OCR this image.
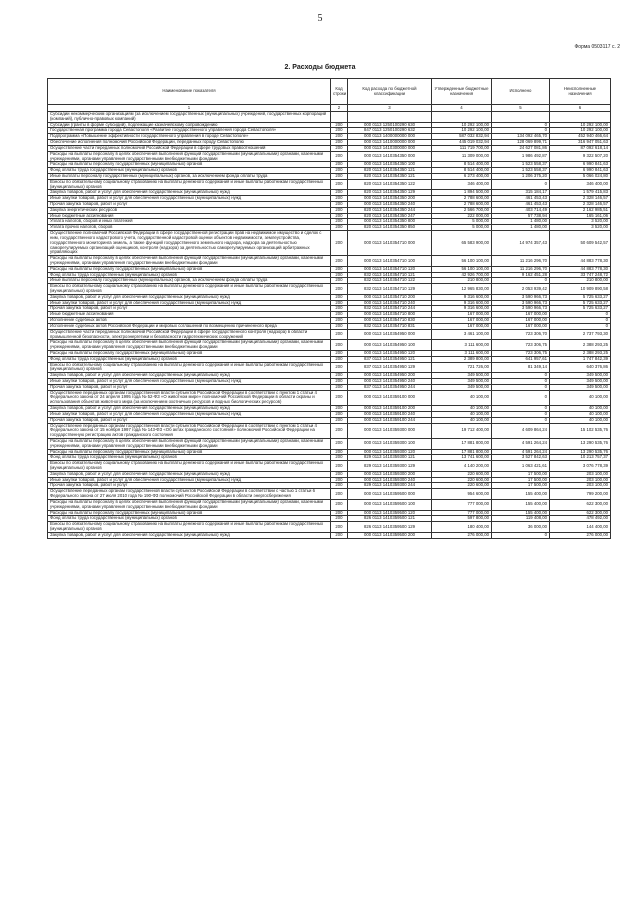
5
Форма 0503117 с. 2
2. Расходы бюджета
Наименование показателя	Код строки	Код расхода по бюджетной классификации	Утвержденные бюджетные назначения	Исполнено	Неисполненные назначения
1	2	3	4	5	6
Субсидии некоммерческим организациям (за исключением государственных (муниципальных) учреждений, государственных корпораций (компаний), публично-правовых компаний)					
Субсидии (гранты в форме субсидий), подлежащие казначейскому сопровождению	200	000 0113 1250100290 630	10 292 100,00	0	10 292 100,00
Государственная программа города Севастополя «Развитие государственного управления города Севастополя»	200	847 0113 1250100290 632	10 292 100,00	0	10 292 100,00
Подпрограмма «Повышение эффективности государственного управления в городе Севастополе»	200	000 0113 1400000000 000	587 032 832,94	134 092 465,70	452 940 466,64
Обеспечение исполнения полномочий Российской Федерации, переданных городу Севастополю	200	000 0113 1410000000 000	445 019 032,94	128 069 899,71	316 947 051,63
Осуществление части переданных полномочий Российской Федерации в сфере трудовых правоотношений	200	000 0113 1410300000 000	111 719 700,00	24 627 081,86	87 092 618,14
Расходы на выплаты персоналу в целях обеспечения выполнения функций государственными (муниципальными) органами, казенными учреждениями, органами управления государственными внебюджетными фондами	200	000 0113 1410354350 000	11 309 000,00	1 986 492,87	9 322 507,20
Расходы на выплаты персоналу государственных (муниципальных) органов	200	000 0113 1410354350 100	8 514 400,00	1 523 558,37	6 990 841,63
Фонд оплаты труда государственных (муниципальных) органов	200	820 0113 1410354350 121	8 514 400,00	1 523 558,37	6 990 841,63
Иные выплаты персоналу государственных (муниципальных) органов, за исключением фонда оплаты труда	200	820 0113 1410354350 121	6 273 400,00	1 206 375,20	5 066 024,80
Взносы по обязательному социальному страхованию на выплаты денежного содержания и иные выплаты работникам государственных (муниципальных) органов	200	820 0113 1410354350 122	346 400,00	0	346 400,00
Закупка товаров, работ и услуг для обеспечения государственных (муниципальных) нужд	200	820 0113 1410354350 129	1 894 500,00	315 184,17	1 579 415,83
Иные закупки товаров, работ и услуг для обеспечения государственных (муниципальных) нужд	200	000 0113 1410354350 200	2 788 600,00	461 453,43	2 328 146,57
Прочая закупка товаров, работ и услуг	200	000 0113 1410354350 240	2 788 600,00	461 453,43	2 328 146,57
Закупка энергетических ресурсов	200	820 0113 1410354350 244	2 566 700,00	403 714,49	2 162 985,51
Иные бюджетные ассигнования	200	820 0113 1410354350 247	222 000,00	57 738,94	165 161,06
Уплата налогов, сборов и иных платежей	200	000 0113 1410354350 800	5 000,00	1 480,00	3 520,00
Уплата прочих налогов, сборов	200	820 0113 1410354350 850	5 000,00	1 480,00	3 520,00
Осуществление полномочий Российской Федерации в сфере государственной регистрации прав на недвижимое имущество и сделок с ним, государственного кадастрового учета, государственной кадастровой оценки объектов недвижимости, землеустройства, государственного мониторинга земель, а также функций государственного земельного надзора, надзора за деятельностью саморегулируемых организаций оценщиков, контроля (надзора) за деятельностью саморегулируемых организаций арбитражных управляющих	200	000 0113 1410354710 000	65 583 900,00	14 974 357,43	50 609 542,57
Расходы на выплаты персоналу в целях обеспечения выполнения функций государственными (муниципальными) органами, казенными учреждениями, органами управления государственными внебюджетными фондами	200	000 0113 1410354710 100	56 100 100,00	11 216 296,70	44 883 778,30
Расходы на выплаты персоналу государственных (муниципальных) органов	200	000 0113 1410354710 120	56 100 100,00	11 216 296,70	44 883 778,30
Фонд оплаты труда государственных (муниципальных) органов	200	832 0113 1410354710 121	42 926 700,00	9 162 451,28	33 747 248,72
Иные выплаты персоналу государственных (муниципальных) органов, за исключением фонда оплаты труда	200	832 0113 1410354710 122	210 800,00	0	210 800,00
Взносы по обязательному социальному страхованию на выплаты денежного содержания и иные выплаты работникам государственных (муниципальных) органов	200	832 0113 1410354710 129	12 965 830,00	2 053 939,42	10 909 890,58
Закупка товаров, работ и услуг для обеспечения государственных (муниципальных) нужд	200	000 0113 1410354710 200	9 316 600,00	3 590 966,73	5 725 633,27
Иные закупки товаров, работ и услуг для обеспечения государственных (муниципальных) нужд	200	000 0113 1410354710 240	9 316 600,00	3 590 966,73	5 725 633,27
Прочая закупка товаров, работ и услуг	200	832 0113 1410354710 244	9 316 600,00	3 590 966,73	5 725 633,27
Иные бюджетные ассигнования	200	000 0113 1410354710 800	167 000,00	167 000,00	0
Исполнение судебных актов	200	000 0113 1410354710 830	167 000,00	167 000,00	0
Исполнение судебных актов Российской Федерации и мировых соглашений по возмещению причиненного вреда	200	832 0113 1410354710 831	167 000,00	167 000,00	0
Осуществление части переданных полномочий Российской Федерации в сфере государственного контроля (надзора) в области промышленной безопасности, электроэнергетики и безопасности гидротехнических сооружений	200	000 0113 1410354950 000	3 461 100,00	723 306,70	2 737 793,30
Расходы на выплаты персоналу в целях обеспечения выполнения функций государственными (муниципальными) органами, казенными учреждениями, органами управления государственными внебюджетными фондами	200	000 0113 1410354950 100	3 111 600,00	723 306,75	2 388 293,25
Расходы на выплаты персоналу государственных (муниципальных) органов	200	000 0113 1410354950 120	3 111 600,00	723 306,75	2 388 293,25
Фонд оплаты труда государственных (муниципальных) органов	200	837 0113 1410354950 121	2 389 800,00	641 957,61	1 747 842,39
Взносы по обязательному социальному страхованию на выплаты денежного содержания и иные выплаты работникам государственных (муниципальных) органов	200	837 0113 1410354950 129	721 726,00	81 349,14	640 376,86
Закупка товаров, работ и услуг для обеспечения государственных (муниципальных) нужд	200	000 0113 1410354950 200	349 500,00	0	349 500,00
Иные закупки товаров, работ и услуг для обеспечения государственных (муниципальных) нужд	200	000 0113 1410354950 240	349 500,00	0	349 500,00
Прочая закупка товаров, работ и услуг	200	837 0113 1410354950 244	349 500,00	0	349 500,00
Осуществление переданных органам государственной власти субъектов Российской Федерации в соответствии с пунктом 1 статьи 4 Федерального закона от 24 апреля 1995 года № 52-ФЗ «О животном мире» полномочий Российской Федерации в области охраны и использования объектов животного мира (за исключением охотничьих ресурсов и водных биологических ресурсов)	200	000 0113 1410359100 000	40 100,00	0	40 100,00
Закупка товаров, работ и услуг для обеспечения государственных (муниципальных) нужд	200	000 0113 1410359100 200	40 100,00	0	40 100,00
Иные закупки товаров, работ и услуг для обеспечения государственных (муниципальных) нужд	200	000 0113 1410359100 240	40 100,00	0	40 100,00
Прочая закупка товаров, работ и услуг	200	000 0113 1410359100 244	40 100,00	0	40 100,00
Осуществление переданных органам государственной власти субъектов Российской Федерации в соответствии с пунктом 1 статьи 4 Федерального закона от 15 ноября 1997 года № 143-ФЗ «Об актах гражданского состояния» полномочий Российской Федерации на государственную регистрацию актов гражданского состояния	200	000 0113 1410359300 000	19 712 400,00	4 609 864,24	15 102 535,76
Расходы на выплаты персоналу в целях обеспечения выполнения функций государственными (муниципальными) органами, казенными учреждениями, органами управления государственными внебюджетными фондами	200	000 0113 1410359300 100	17 881 800,00	4 591 264,24	13 290 535,76
Расходы на выплаты персоналу государственных (муниципальных) органов	200	000 0113 1410359300 120	17 881 800,00	4 591 264,24	13 290 535,76
Фонд оплаты труда государственных (муниципальных) органов	200	829 0113 1410359300 121	13 741 600,00	3 527 842,63	10 213 757,37
Взносы по обязательному социальному страхованию на выплаты денежного содержания и иные выплаты работникам государственных (муниципальных) органов	200	829 0113 1410359300 129	4 140 200,00	1 063 421,61	3 076 778,39
Закупка товаров, работ и услуг для обеспечения государственных (муниципальных) нужд	200	000 0113 1410359300 200	220 600,00	17 500,00	203 100,00
Иные закупки товаров, работ и услуг для обеспечения государственных (муниципальных) нужд	200	000 0113 1410359300 240	220 600,00	17 500,00	203 100,00
Прочая закупка товаров, работ и услуг	200	829 0113 1410359300 244	220 600,00	17 500,00	203 100,00
Осуществление переданных органам государственной власти субъектов Российской Федерации в соответствии с частью 1 статьи 6 Федерального закона от 27 июля 2010 года № 190-ФЗ полномочий Российской Федерации в области энергосбережения	200	000 0113 1410359500 000	954 600,00	155 400,00	799 200,00
Расходы на выплаты персоналу в целях обеспечения выполнения функций государственными (муниципальными) органами, казенными учреждениями, органами управления государственными внебюджетными фондами	200	000 0113 1410359500 100	777 000,00	155 400,00	622 300,00
Расходы на выплаты персоналу государственных (муниципальных) органов	200	000 0113 1410359500 120	777 000,00	155 400,00	622 300,00
Фонд оплаты труда государственных (муниципальных) органов	200	826 0113 1410359500 121	597 800,00	119 408,00	478 492,00
Взносы по обязательному социальному страхованию на выплаты денежного содержания и иные выплаты работникам государственных (муниципальных) органов	200	826 0113 1410359500 129	180 400,00	36 000,00	144 400,00
Закупка товаров, работ и услуг для обеспечения государственных (муниципальных) нужд	200	000 0113 1410359500 200	276 000,00	0	276 000,00
